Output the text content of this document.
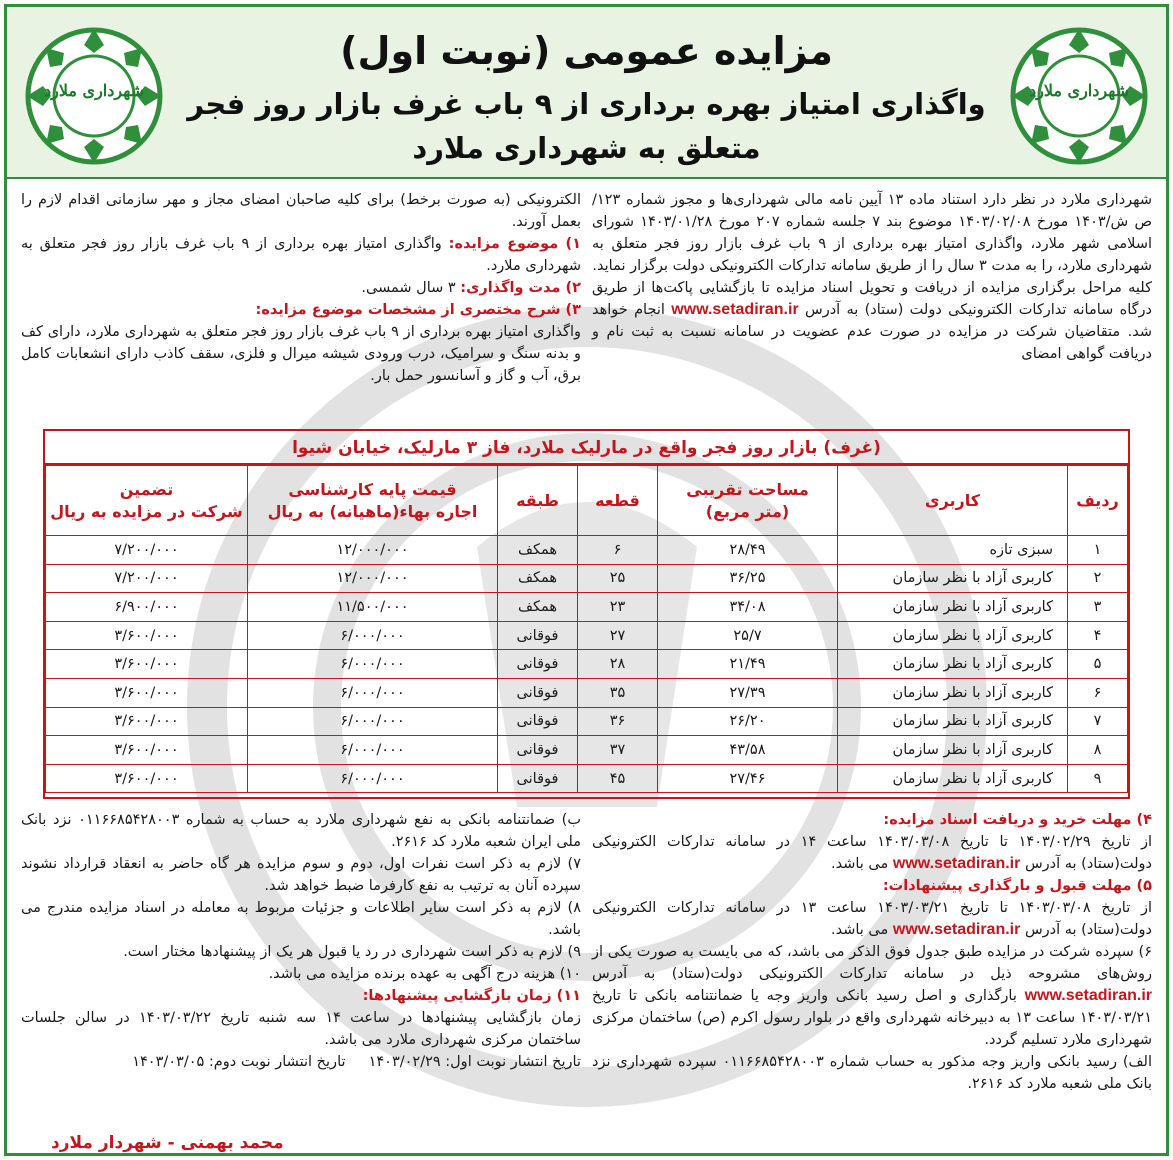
شهرداری ملارد
شهرداری ملارد
مزایده عمومی (نوبت اول)
واگذاری امتیاز بهره برداری از ۹ باب غرف بازار روز فجر
متعلق به شهرداری ملارد

شهرداری ملارد در نظر دارد استناد ماده ۱۳ آیین نامه مالی شهرداری‌ها و مجوز شماره ۱۲۳/ص ش/۱۴۰۳ مورخ ۱۴۰۳/۰۲/۰۸ موضوع بند ۷ جلسه شماره ۲۰۷ مورخ ۱۴۰۳/۰۱/۲۸ شورای اسلامی شهر ملارد، واگذاری امتیاز بهره برداری از ۹ باب غرف بازار روز فجر متعلق به شهرداری ملارد، را به مدت ۳ سال را از طریق سامانه تدارکات الکترونیکی دولت برگزار نماید.

کلیه مراحل برگزاری مزایده از دریافت و تحویل اسناد مزایده تا بازگشایی پاکت‌ها از طریق درگاه سامانه تدارکات الکترونیکی دولت (ستاد) به آدرس www.setadiran.ir انجام خواهد شد. متقاضیان شرکت در مزایده در صورت عدم عضویت در سامانه نسبت به ثبت نام و دریافت گواهی امضای

الکترونیکی (به صورت برخط) برای کلیه صاحبان امضای مجاز و مهر سازمانی اقدام لازم را بعمل آورند.

۱) موضوع مزایده: واگذاری امتیاز بهره برداری از ۹ باب غرف بازار روز فجر متعلق به شهرداری ملارد.

۲) مدت واگذاری: ۳ سال شمسی.

۳) شرح مختصری از مشخصات موضوع مزایده:
واگذاری امتیاز بهره برداری از ۹ باب غرف بازار روز فجر متعلق به شهرداری ملارد، دارای کف و بدنه سنگ و سرامیک، درب ورودی شیشه میرال و فلزی، سقف کاذب دارای انشعابات کامل برق، آب و گاز و آسانسور حمل بار.

(غرف) بازار روز فجر واقع در مارلیک ملارد، فاز ۳ مارلیک، خیابان شیوا
ردیف	کاربری	مساحت تقریبی
(متر مربع)	قطعه	طبقه	قیمت پایه کارشناسی
اجاره بهاء(ماهیانه) به ریال	تضمین
شرکت در مزایده به ریال
۱	سبزی تازه	۲۸/۴۹	۶	همکف	۱۲/۰۰۰/۰۰۰	۷/۲۰۰/۰۰۰
۲	کاربری آزاد با نظر سازمان	۳۶/۲۵	۲۵	همکف	۱۲/۰۰۰/۰۰۰	۷/۲۰۰/۰۰۰
۳	کاربری آزاد با نظر سازمان	۳۴/۰۸	۲۳	همکف	۱۱/۵۰۰/۰۰۰	۶/۹۰۰/۰۰۰
۴	کاربری آزاد با نظر سازمان	۲۵/۷	۲۷	فوقانی	۶/۰۰۰/۰۰۰	۳/۶۰۰/۰۰۰
۵	کاربری آزاد با نظر سازمان	۲۱/۴۹	۲۸	فوقانی	۶/۰۰۰/۰۰۰	۳/۶۰۰/۰۰۰
۶	کاربری آزاد با نظر سازمان	۲۷/۳۹	۳۵	فوقانی	۶/۰۰۰/۰۰۰	۳/۶۰۰/۰۰۰
۷	کاربری آزاد با نظر سازمان	۲۶/۲۰	۳۶	فوقانی	۶/۰۰۰/۰۰۰	۳/۶۰۰/۰۰۰
۸	کاربری آزاد با نظر سازمان	۴۳/۵۸	۳۷	فوقانی	۶/۰۰۰/۰۰۰	۳/۶۰۰/۰۰۰
۹	کاربری آزاد با نظر سازمان	۲۷/۴۶	۴۵	فوقانی	۶/۰۰۰/۰۰۰	۳/۶۰۰/۰۰۰

۴) مهلت خرید و دریافت اسناد مزایده:
از تاریخ ۱۴۰۳/۰۲/۲۹ تا تاریخ ۱۴۰۳/۰۳/۰۸ ساعت ۱۴ در سامانه تدارکات الکترونیکی دولت(ستاد) به آدرس www.setadiran.ir می باشد.

۵) مهلت قبول و بارگذاری پیشنهادات:
از تاریخ ۱۴۰۳/۰۳/۰۸ تا تاریخ ۱۴۰۳/۰۳/۲۱ ساعت ۱۳ در سامانه تدارکات الکترونیکی دولت(ستاد) به آدرس www.setadiran.ir می باشد.

۶) سپرده شرکت در مزایده طبق جدول فوق الذکر می باشد، که می بایست به صورت یکی از روش‌های مشروحه ذیل در سامانه تدارکات الکترونیکی دولت(ستاد) به آدرس www.setadiran.ir بارگذاری و اصل رسید بانکی واریز وجه یا ضمانتنامه بانکی تا تاریخ ۱۴۰۳/۰۳/۲۱ ساعت ۱۳ به دبیرخانه شهرداری واقع در بلوار رسول اکرم (ص) ساختمان مرکزی شهرداری ملارد تسلیم گردد.

الف) رسید بانکی واریز وجه مذکور به حساب شماره ۰۱۱۶۶۸۵۴۲۸۰۰۳ سپرده شهرداری نزد بانک ملی شعبه ملارد کد ۲۶۱۶.

ب) ضمانتنامه بانکی به نفع شهرداری ملارد به حساب به شماره ۰۱۱۶۶۸۵۴۲۸۰۰۳ نزد بانک ملی ایران شعبه ملارد کد ۲۶۱۶.

۷) لازم به ذکر است نفرات اول، دوم و سوم مزایده هر گاه حاضر به انعقاد قرارداد نشوند سپرده آنان به ترتیب به نفع کارفرما ضبط خواهد شد.

۸) لازم به ذکر است سایر اطلاعات و جزئیات مربوط به معامله در اسناد مزایده مندرج می باشد.

۹) لازم به ذکر است شهرداری در رد یا قبول هر یک از پیشنهادها مختار است.

۱۰) هزینه درج آگهی به عهده برنده مزایده می باشد.

۱۱) زمان بازگشایی پیشنهادها:
زمان بازگشایی پیشنهادها در ساعت ۱۴ سه شنبه تاریخ ۱۴۰۳/۰۳/۲۲ در سالن جلسات ساختمان مرکزی شهرداری ملارد می باشد.

تاریخ انتشار نوبت اول: ۱۴۰۳/۰۲/۲۹     تاریخ انتشار نوبت دوم: ۱۴۰۳/۰۳/۰۵

محمد بهمنی - شهردار ملارد
